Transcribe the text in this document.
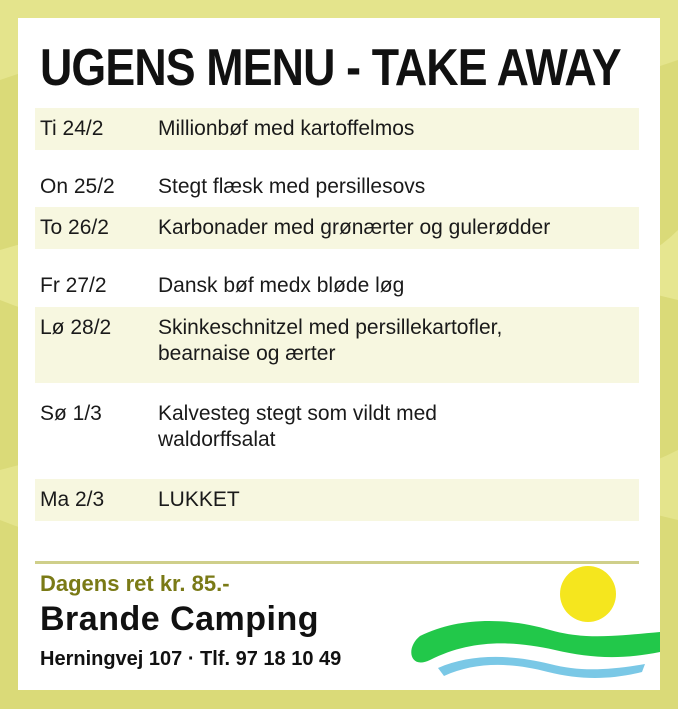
UGENS MENU - TAKE AWAY
Ti 24/2	Millionbøf med kartoffelmos
On 25/2	Stegt flæsk med persillesovs
To 26/2	Karbonader med grønærter og gulerødder
Fr 27/2	Dansk bøf medx bløde løg
Lø 28/2	Skinkeschnitzel med persillekartofler,
bearnaise og ærter
Sø 1/3	Kalvesteg stegt som vildt med
waldorffsalat
Ma 2/3	LUKKET
Dagens ret kr. 85.-
Brande Camping
Herningvej 107 · Tlf. 97 18 10 49
